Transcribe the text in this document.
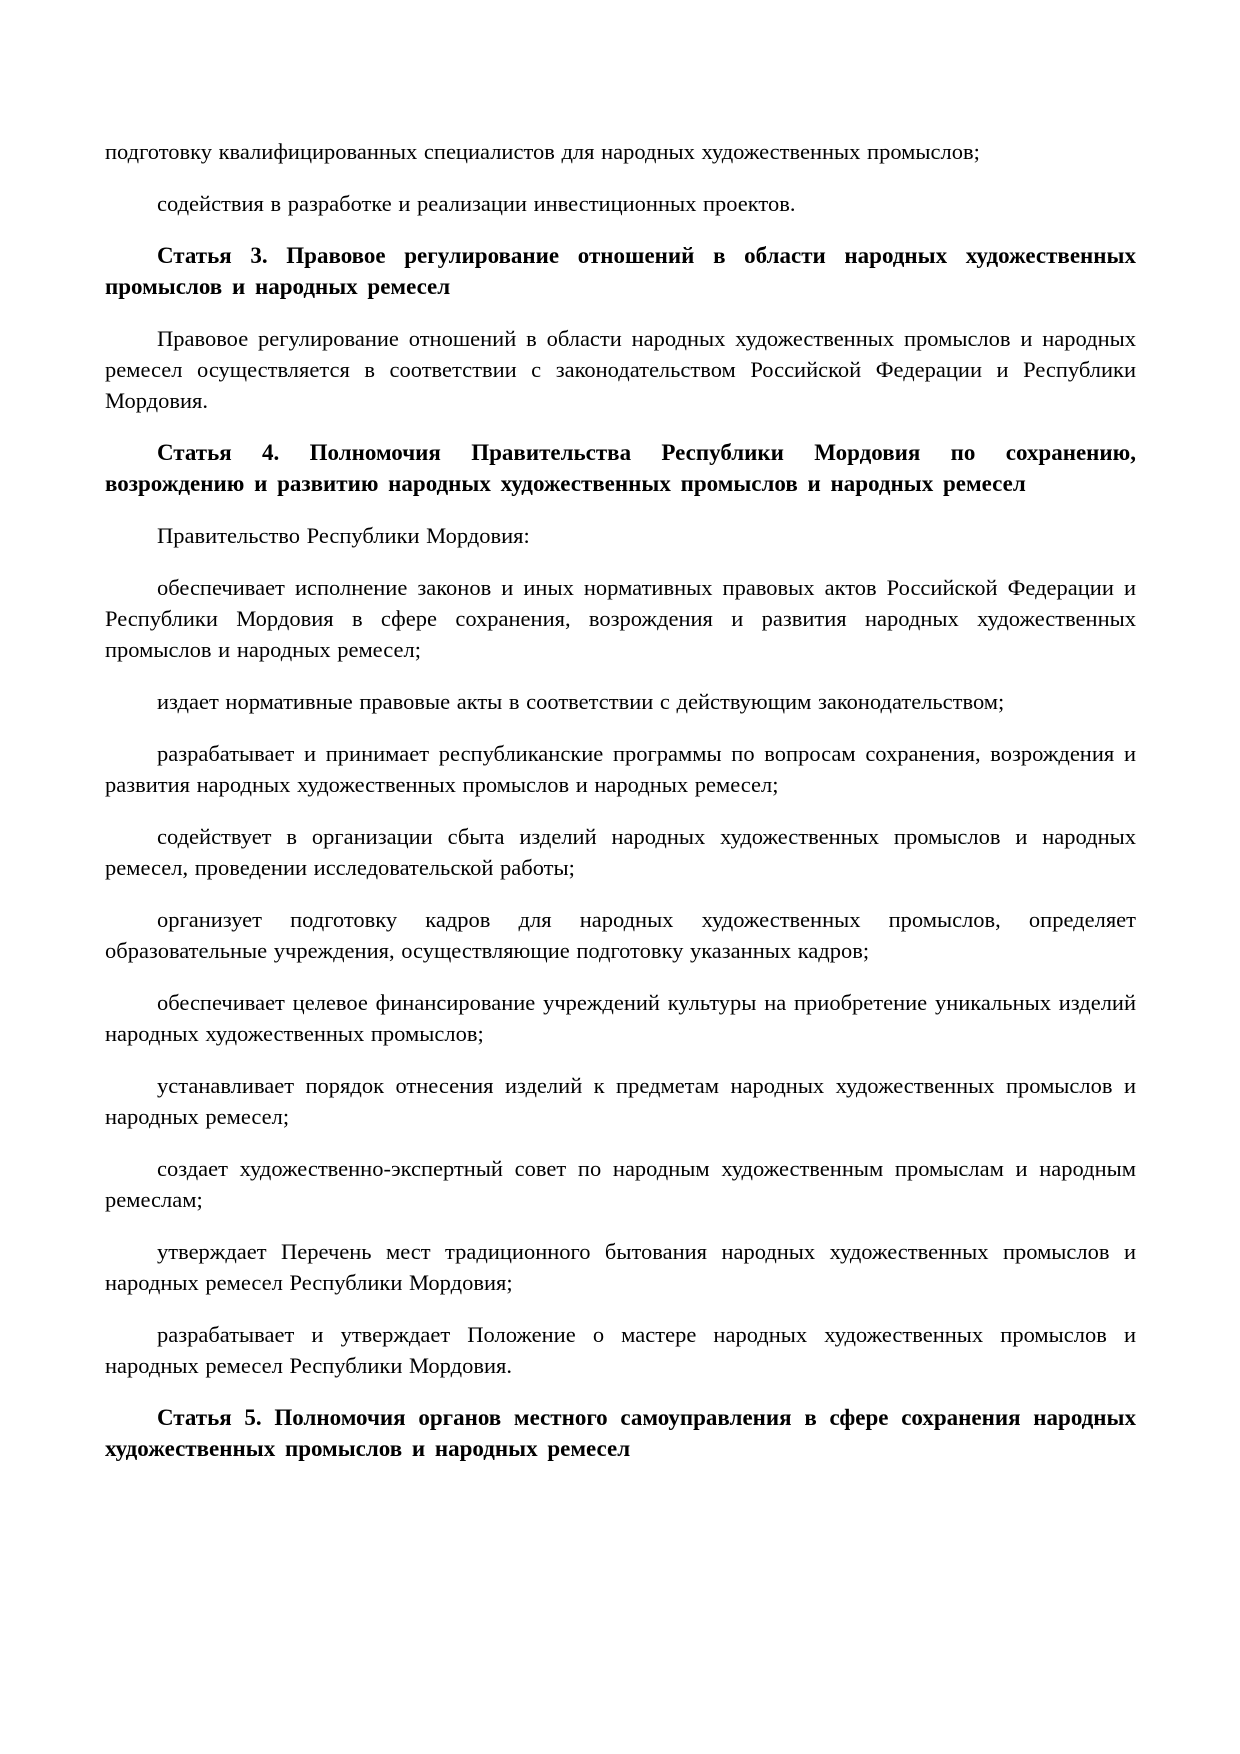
подготовку квалифицированных специалистов для народных художественных промыслов;

содействия в разработке и реализации инвестиционных проектов.

Статья 3. Правовое регулирование отношений в области народных художественных промыслов и народных ремесел

Правовое регулирование отношений в области народных художественных промыслов и народных ремесел осуществляется в соответствии с законодательством Российской Федерации и Республики Мордовия.

Статья 4. Полномочия Правительства Республики Мордовия по сохранению, возрождению и развитию народных художественных промыслов и народных ремесел

Правительство Республики Мордовия:

обеспечивает исполнение законов и иных нормативных правовых актов Российской Федерации и Республики Мордовия в сфере сохранения, возрождения и развития народных художественных промыслов и народных ремесел;

издает нормативные правовые акты в соответствии с действующим законодательством;

разрабатывает и принимает республиканские программы по вопросам сохранения, возрождения и развития народных художественных промыслов и народных ремесел;

содействует в организации сбыта изделий народных художественных промыслов и народных ремесел, проведении исследовательской работы;

организует подготовку кадров для народных художественных промыслов, определяет образовательные учреждения, осуществляющие подготовку указанных кадров;

обеспечивает целевое финансирование учреждений культуры на приобретение уникальных изделий народных художественных промыслов;

устанавливает порядок отнесения изделий к предметам народных художественных промыслов и народных ремесел;

создает художественно-экспертный совет по народным художественным промыслам и народным ремеслам;

утверждает Перечень мест традиционного бытования народных художественных промыслов и народных ремесел Республики Мордовия;

разрабатывает и утверждает Положение о мастере народных художественных промыслов и народных ремесел Республики Мордовия.

Статья 5. Полномочия органов местного самоуправления в сфере сохранения народных художественных промыслов и народных ремесел
